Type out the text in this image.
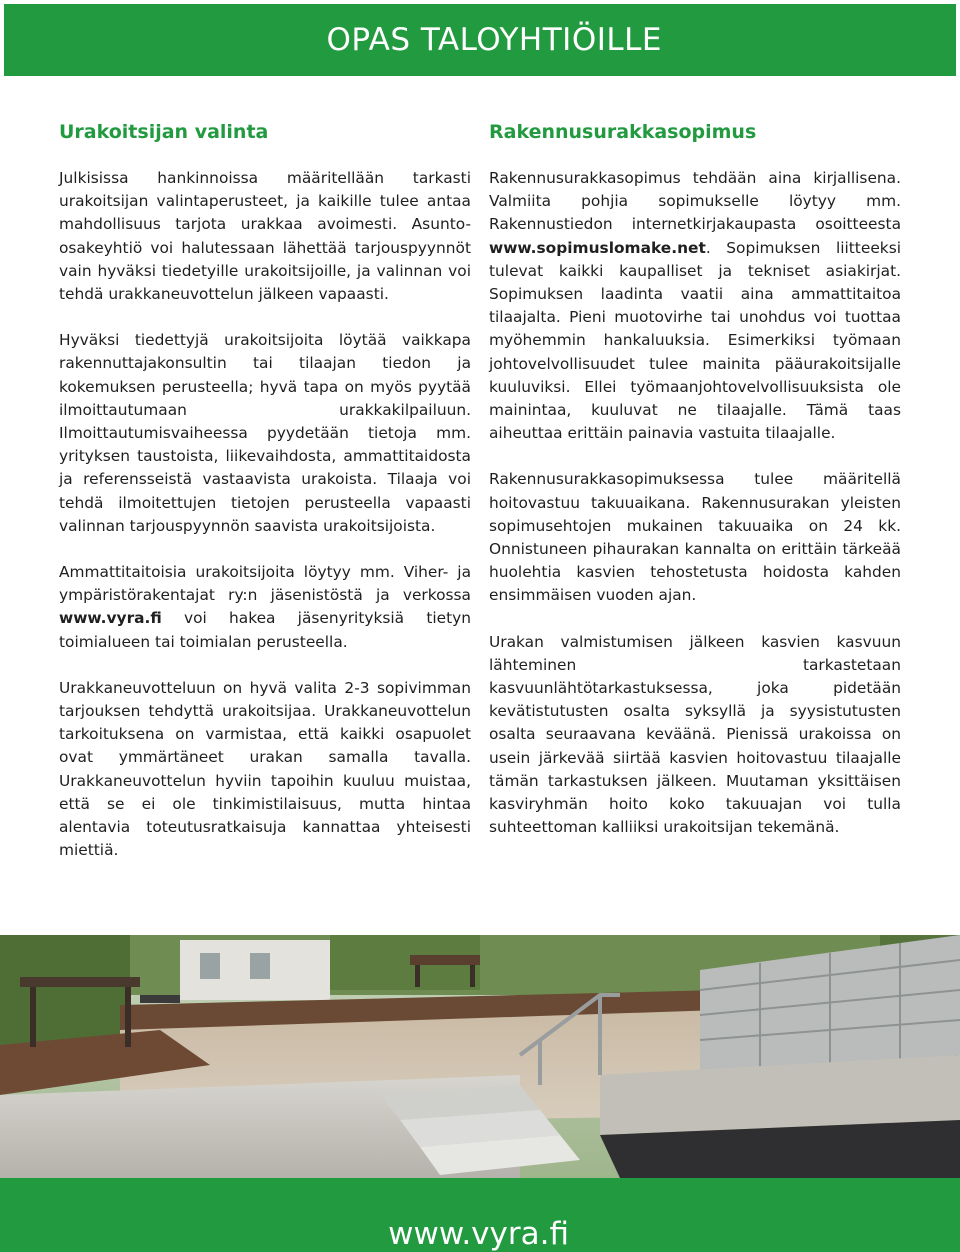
OPAS TALOYHTIÖILLE
Urakoitsijan valinta

Julkisissa hankinnoissa määritellään tarkasti urakoitsijan valintaperusteet, ja kaikille tulee antaa mahdollisuus tarjota urakkaa avoimesti. Asunto-osakeyhtiö voi halutessaan lähettää tarjouspyynnöt vain hyväksi tiedetyille urakoitsijoille, ja valinnan voi tehdä urakkaneuvottelun jälkeen vapaasti.

Hyväksi tiedettyjä urakoitsijoita löytää vaikkapa rakennuttajakonsultin tai tilaajan tiedon ja kokemuksen perusteella; hyvä tapa on myös pyytää ilmoittautumaan urakkakilpailuun. Ilmoittautumisvaiheessa pyydetään tietoja mm. yrityksen taustoista, liikevaihdosta, ammattitaidosta ja referensseistä vastaavista urakoista. Tilaaja voi tehdä ilmoitettujen tietojen perusteella vapaasti valinnan tarjouspyynnön saavista urakoitsijoista.

Ammattitaitoisia urakoitsijoita löytyy mm. Viher- ja ympäristörakentajat ry:n jäsenistöstä ja verkossa www.vyra.fi voi hakea jäsenyrityksiä tietyn toimialueen tai toimialan perusteella.

Urakkaneuvotteluun on hyvä valita 2-3 sopivimman tarjouksen tehdyttä urakoitsijaa. Urakkaneuvottelun tarkoituksena on varmistaa, että kaikki osapuolet ovat ymmärtäneet urakan samalla tavalla. Urakkaneuvottelun hyviin tapoihin kuuluu muistaa, että se ei ole tinkimistilaisuus, mutta hintaa alentavia toteutusratkaisuja kannattaa yhteisesti miettiä.

Rakennusurakkasopimus

Rakennusurakkasopimus tehdään aina kirjallisena. Valmiita pohjia sopimukselle löytyy mm. Rakennustiedon internetkirjakaupasta osoitteesta www.sopimuslomake.net. Sopimuksen liitteeksi tulevat kaikki kaupalliset ja tekniset asiakirjat. Sopimuksen laadinta vaatii aina ammattitaitoa tilaajalta. Pieni muotovirhe tai unohdus voi tuottaa myöhemmin hankaluuksia. Esimerkiksi työmaan johtovelvollisuudet tulee mainita pääurakoitsijalle kuuluviksi. Ellei työmaanjohtovelvollisuuksista ole mainintaa, kuuluvat ne tilaajalle. Tämä taas aiheuttaa erittäin painavia vastuita tilaajalle.

Rakennusurakkasopimuksessa tulee määritellä hoitovastuu takuuaikana. Rakennusurakan yleisten sopimusehtojen mukainen takuuaika on 24 kk. Onnistuneen pihaurakan kannalta on erittäin tärkeää huolehtia kasvien tehostetusta hoidosta kahden ensimmäisen vuoden ajan.

Urakan valmistumisen jälkeen kasvien kasvuun lähteminen tarkastetaan kasvuunlähtötarkastuksessa, joka pidetään kevätistutusten osalta syksyllä ja syysistutusten osalta seuraavana keväänä. Pienissä urakoissa on usein järkevää siirtää kasvien hoitovastuu tilaajalle tämän tarkastuksen jälkeen. Muutaman yksittäisen kasviryhmän hoito koko takuuajan voi tulla suhteettoman kalliiksi urakoitsijan tekemänä.

www.vyra.fi
